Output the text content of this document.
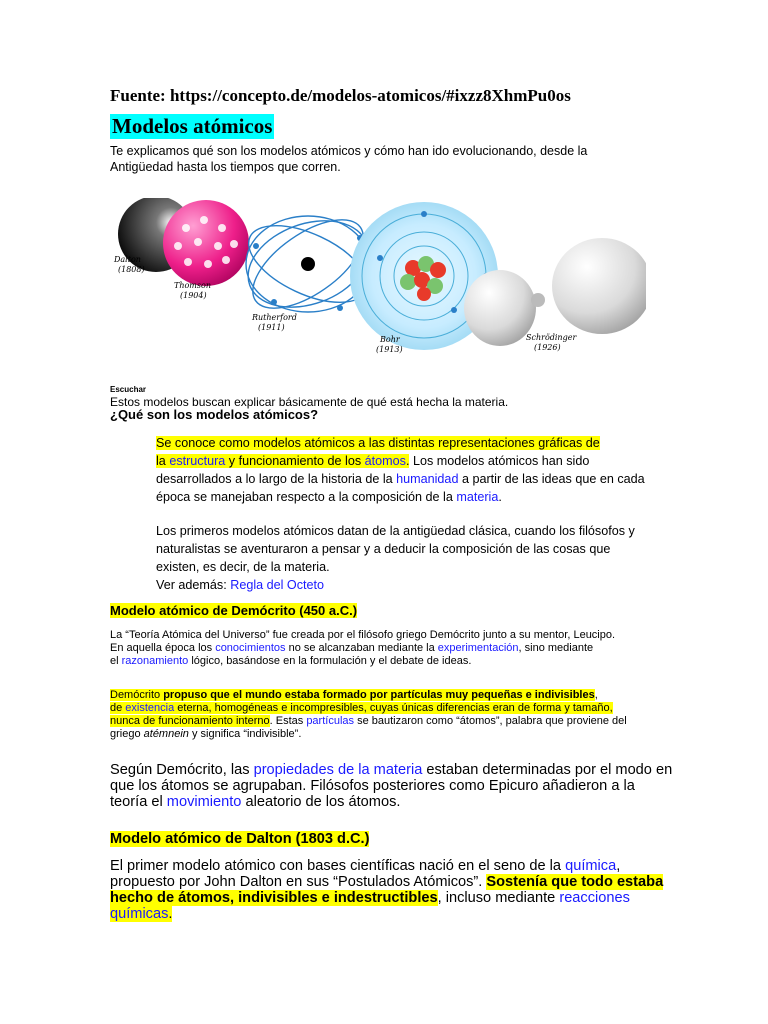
Fuente: https://concepto.de/modelos-atomicos/#ixzz8XhmPu0os
Modelos atómicos
Te explicamos qué son los modelos atómicos y cómo han ido evolucionando, desde la
Antigüedad hasta los tiempos que corren.
Dalton
(1808)
Thomson
(1904)
Rutherford
(1911)
Bohr
(1913)
Schrödinger
(1926)
Escuchar
Estos modelos buscan explicar básicamente de qué está hecha la materia.
¿Qué son los modelos atómicos?
Se conoce como modelos atómicos a las distintas representaciones gráficas de
la estructura y funcionamiento de los átomos. Los modelos atómicos han sido
desarrollados a lo largo de la historia de la humanidad a partir de las ideas que en cada
época se manejaban respecto a la composición de la materia.
Los primeros modelos atómicos datan de la antigüedad clásica, cuando los filósofos y
naturalistas se aventuraron a pensar y a deducir la composición de las cosas que
existen, es decir, de la materia.
Ver además: Regla del Octeto
Modelo atómico de Demócrito (450 a.C.)
La “Teoría Atómica del Universo” fue creada por el filósofo griego Demócrito junto a su mentor, Leucipo.
En aquella época los conocimientos no se alcanzaban mediante la experimentación, sino mediante
el razonamiento lógico, basándose en la formulación y el debate de ideas.
Demócrito propuso que el mundo estaba formado por partículas muy pequeñas e indivisibles,
de existencia eterna, homogéneas e incompresibles, cuyas únicas diferencias eran de forma y tamaño,
nunca de funcionamiento interno. Estas partículas se bautizaron como “átomos”, palabra que proviene del
griego atémnein y significa “indivisible”.
Según Demócrito, las propiedades de la materia estaban determinadas por el modo en
que los átomos se agrupaban. Filósofos posteriores como Epicuro añadieron a la
teoría el movimiento aleatorio de los átomos.
Modelo atómico de Dalton (1803 d.C.)
El primer modelo atómico con bases científicas nació en el seno de la química,
propuesto por John Dalton en sus “Postulados Atómicos”. Sostenía que todo estaba
hecho de átomos, indivisibles e indestructibles, incluso mediante reacciones
químicas.
